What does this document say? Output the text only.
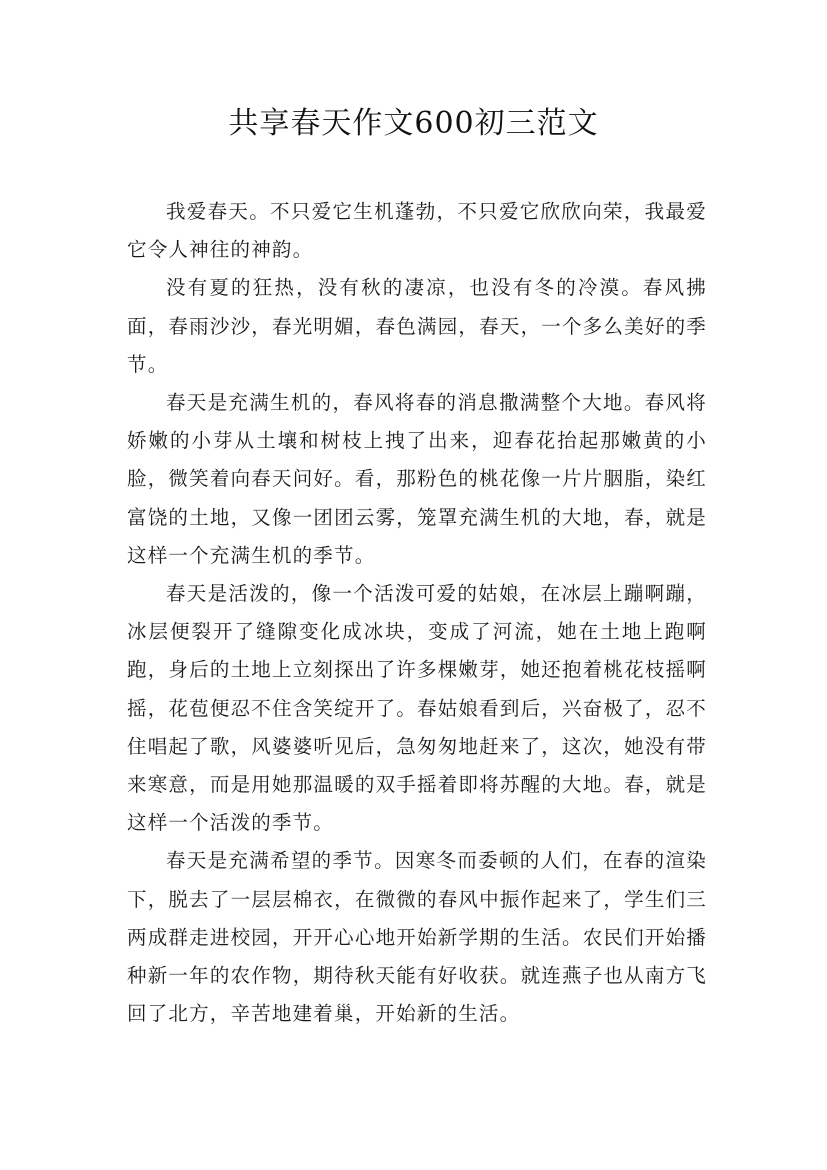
共享春天作文600初三范文

我爱春天。不只爱它生机蓬勃，不只爱它欣欣向荣，我最爱它令人神往的神韵。

没有夏的狂热，没有秋的凄凉，也没有冬的冷漠。春风拂面，春雨沙沙，春光明媚，春色满园，春天，一个多么美好的季节。

春天是充满生机的，春风将春的消息撒满整个大地。春风将娇嫩的小芽从土壤和树枝上拽了出来，迎春花抬起那嫩黄的小脸，微笑着向春天问好。看，那粉色的桃花像一片片胭脂，染红富饶的土地，又像一团团云雾，笼罩充满生机的大地，春，就是这样一个充满生机的季节。

春天是活泼的，像一个活泼可爱的姑娘，在冰层上蹦啊蹦，冰层便裂开了缝隙变化成冰块，变成了河流，她在土地上跑啊跑，身后的土地上立刻探出了许多棵嫩芽，她还抱着桃花枝摇啊摇，花苞便忍不住含笑绽开了。春姑娘看到后，兴奋极了，忍不住唱起了歌，风婆婆听见后，急匆匆地赶来了，这次，她没有带来寒意，而是用她那温暖的双手摇着即将苏醒的大地。春，就是这样一个活泼的季节。

春天是充满希望的季节。因寒冬而委顿的人们，在春的渲染下，脱去了一层层棉衣，在微微的春风中振作起来了，学生们三两成群走进校园，开开心心地开始新学期的生活。农民们开始播种新一年的农作物，期待秋天能有好收获。就连燕子也从南方飞回了北方，辛苦地建着巢，开始新的生活。
